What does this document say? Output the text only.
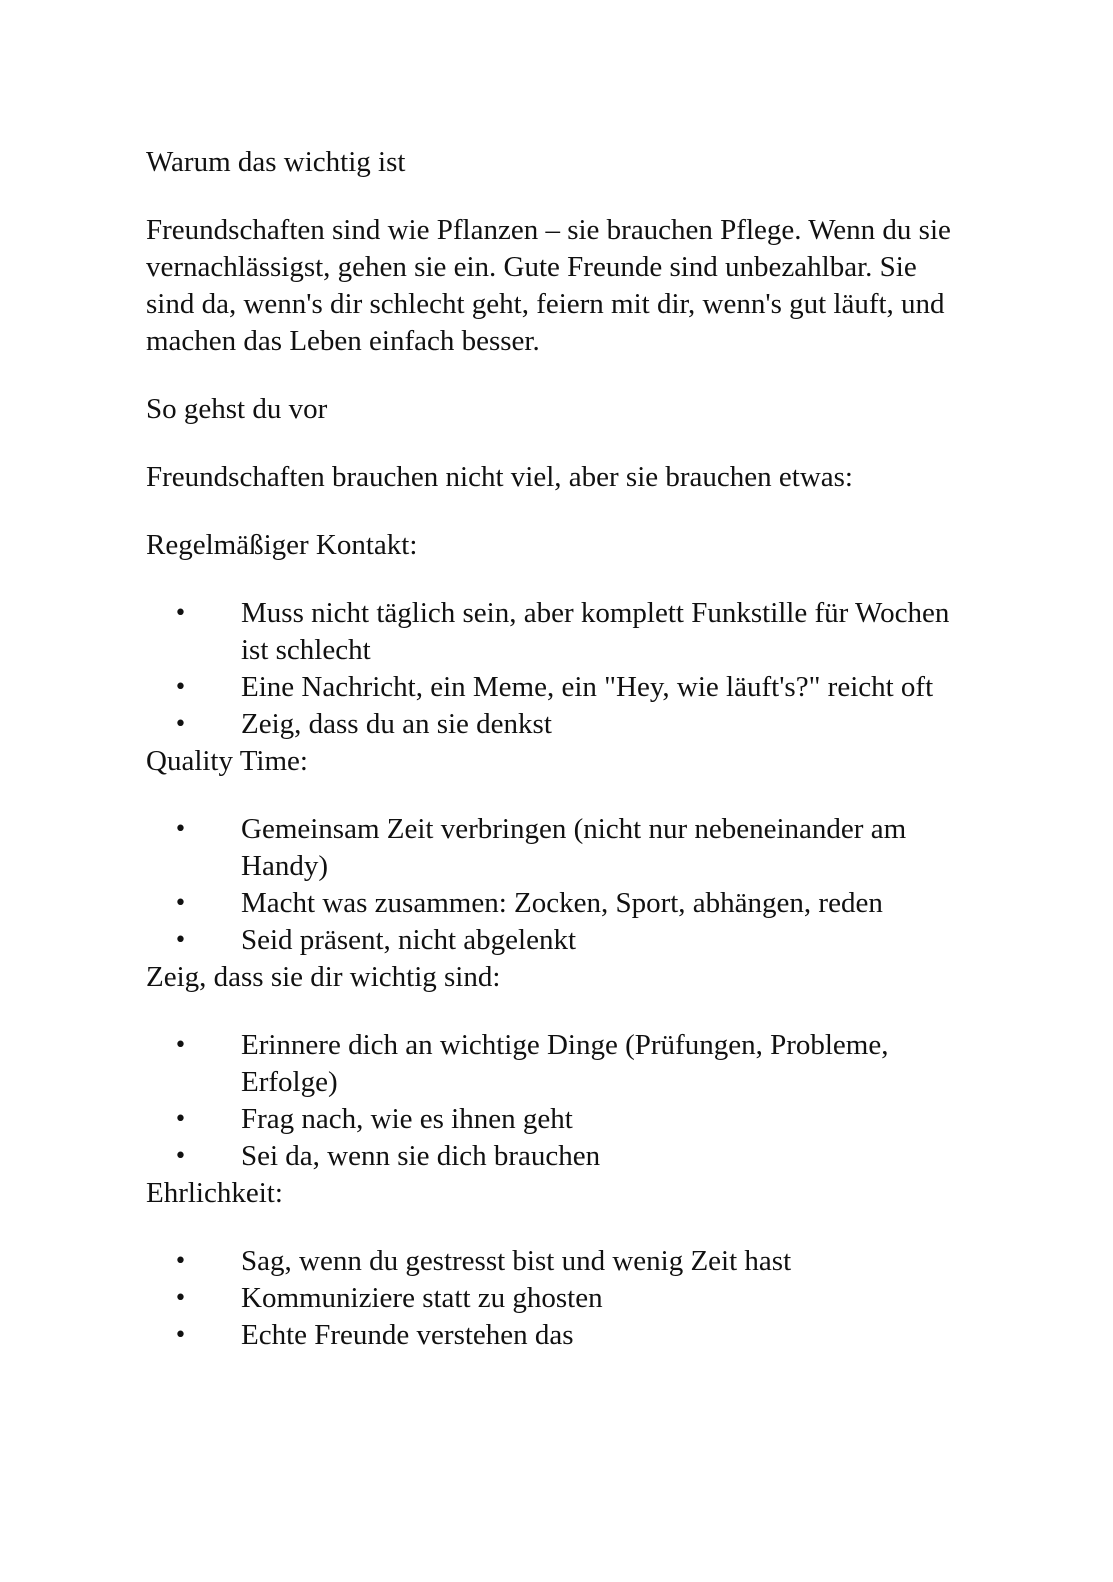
Warum das wichtig ist

Freundschaften sind wie Pflanzen – sie brauchen Pflege. Wenn du sie vernachlässigst, gehen sie ein. Gute Freunde sind unbezahlbar. Sie sind da, wenn's dir schlecht geht, feiern mit dir, wenn's gut läuft, und machen das Leben einfach besser.

So gehst du vor

Freundschaften brauchen nicht viel, aber sie brauchen etwas:

Regelmäßiger Kontakt:

• Muss nicht täglich sein, aber komplett Funkstille für Wochen ist schlecht
• Eine Nachricht, ein Meme, ein "Hey, wie läuft's?" reicht oft
• Zeig, dass du an sie denkst

Quality Time:

• Gemeinsam Zeit verbringen (nicht nur nebeneinander am Handy)
• Macht was zusammen: Zocken, Sport, abhängen, reden
• Seid präsent, nicht abgelenkt

Zeig, dass sie dir wichtig sind:

• Erinnere dich an wichtige Dinge (Prüfungen, Probleme, Erfolge)
• Frag nach, wie es ihnen geht
• Sei da, wenn sie dich brauchen

Ehrlichkeit:

• Sag, wenn du gestresst bist und wenig Zeit hast
• Kommuniziere statt zu ghosten
• Echte Freunde verstehen das
